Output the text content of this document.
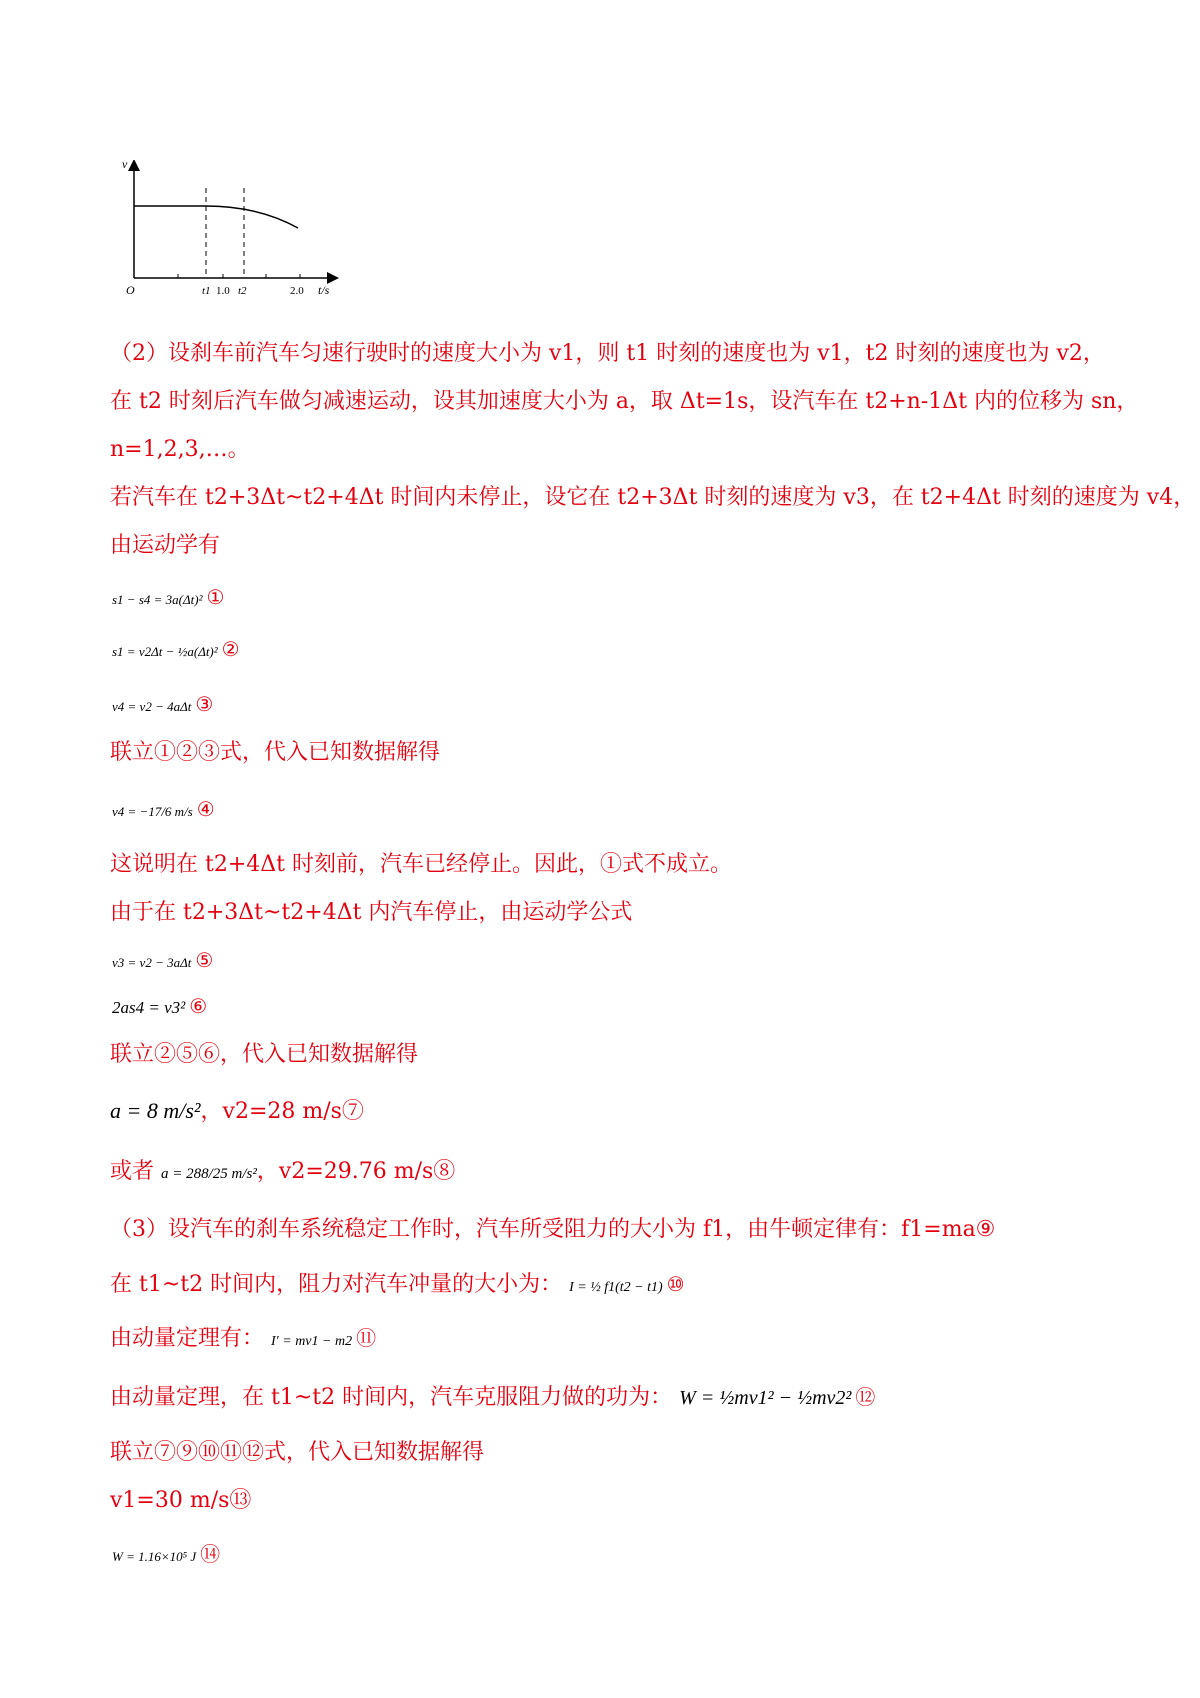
v
O	t1 1.0 t2	2.0 t/s
（2）设刹车前汽车匀速行驶时的速度大小为 v1，则 t1 时刻的速度也为 v1，t2 时刻的速度也为 v2，
在 t2 时刻后汽车做匀减速运动，设其加速度大小为 a，取 Δt=1s，设汽车在 t2+n-1Δt 内的位移为 sn，
n=1,2,3,…。
若汽车在 t2+3Δt~t2+4Δt 时间内未停止，设它在 t2+3Δt 时刻的速度为 v3，在 t2+4Δt 时刻的速度为 v4，
由运动学有
s1 − s4 = 3a(Δt)² ①
s1 = v2Δt − ½a(Δt)² ②
v4 = v2 − 4aΔt ③
联立①②③式，代入已知数据解得
v4 = −17/6 m/s ④
这说明在 t2+4Δt 时刻前，汽车已经停止。因此，①式不成立。
由于在 t2+3Δt~t2+4Δt 内汽车停止，由运动学公式
v3 = v2 − 3aΔt ⑤
2as4 = v3² ⑥
联立②⑤⑥，代入已知数据解得
a = 8 m/s²，v2=28 m/s⑦
或者 a = 288/25 m/s²，v2=29.76 m/s⑧
（3）设汽车的刹车系统稳定工作时，汽车所受阻力的大小为 f1，由牛顿定律有：f1=ma⑨
在 t1~t2 时间内，阻力对汽车冲量的大小为： I = ½ f1(t2 − t1) ⑩
由动量定理有： I′ = mv1 − m2 ⑪
由动量定理，在 t1~t2 时间内，汽车克服阻力做的功为： W = ½mv1² − ½mv2² ⑫
联立⑦⑨⑩⑪⑫式，代入已知数据解得
v1=30 m/s⑬
W = 1.16×10⁵ J ⑭
